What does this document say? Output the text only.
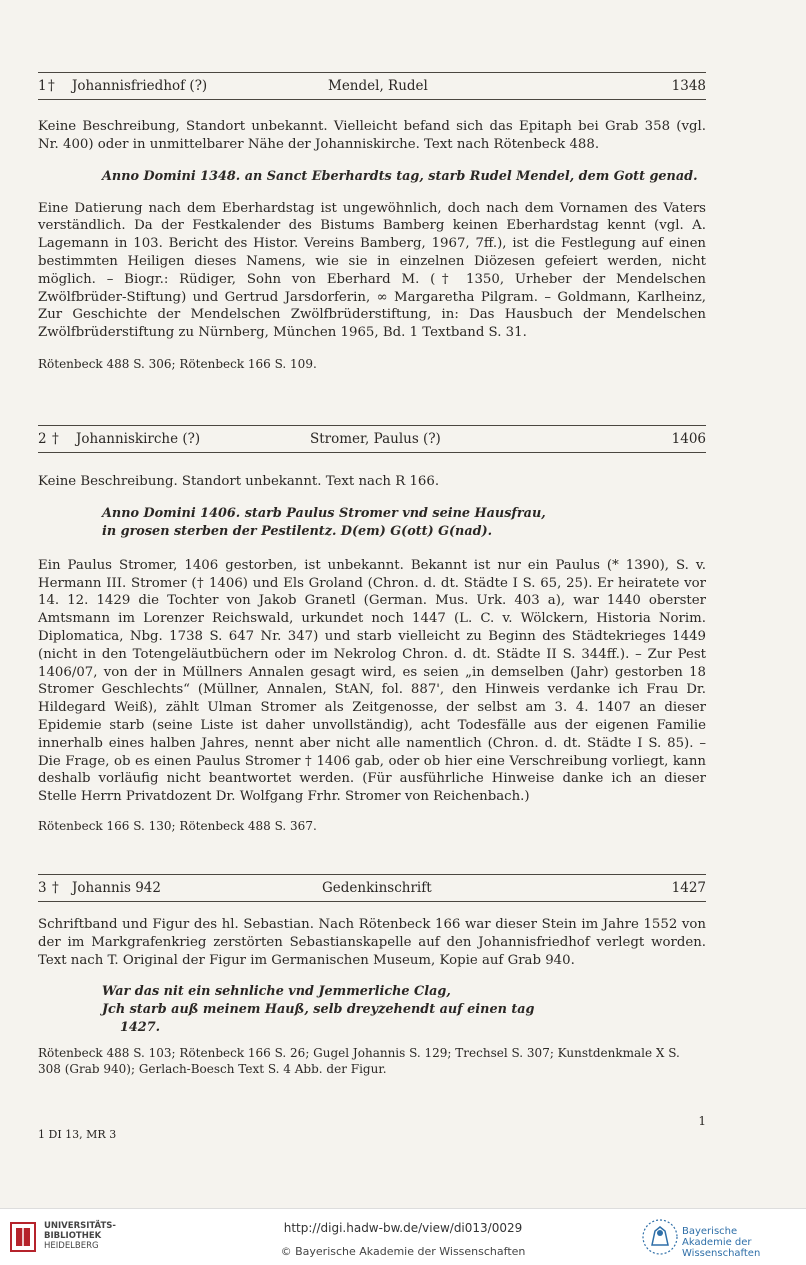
1 † Johannisfriedhof (?)	Mendel, Rudel	1348

Keine Beschreibung, Standort unbekannt. Vielleicht befand sich das Epitaph bei Grab 358 (vgl. Nr. 400) oder in unmittelbarer Nähe der Johanniskirche. Text nach Rötenbeck 488.

Anno Domini 1348. an Sanct Eberhardts tag, starb Rudel Mendel, dem Gott genad.

Eine Datierung nach dem Eberhardstag ist ungewöhnlich, doch nach dem Vornamen des Vaters verständlich. Da der Festkalender des Bistums Bamberg keinen Eberhardstag kennt (vgl. A. Lagemann in 103. Bericht des Histor. Vereins Bamberg, 1967, 7ff.), ist die Festlegung auf einen bestimmten Heiligen dieses Namens, wie sie in einzelnen Diözesen gefeiert werden, nicht möglich. – Biogr.: Rüdiger, Sohn von Eberhard M. († 1350, Urheber der Mendelschen Zwölfbrüder-Stiftung) und Gertrud Jarsdorferin, ∞ Margaretha Pilgram. – Goldmann, Karlheinz, Zur Geschichte der Mendelschen Zwölfbrüderstiftung, in: Das Hausbuch der Mendelschen Zwölfbrüderstiftung zu Nürnberg, München 1965, Bd. 1 Textband S. 31.

Rötenbeck 488 S. 306; Rötenbeck 166 S. 109.

2 † Johanniskirche (?)	Stromer, Paulus (?)	1406

Keine Beschreibung. Standort unbekannt. Text nach R 166.

Anno Domini 1406. starb Paulus Stromer vnd seine Hausfrau,

in grosen sterben der Pestilentz. D(em) G(ott) G(nad).

Ein Paulus Stromer, 1406 gestorben, ist unbekannt. Bekannt ist nur ein Paulus (* 1390), S. v. Hermann III. Stromer († 1406) und Els Groland (Chron. d. dt. Städte I S. 65, 25). Er heiratete vor 14. 12. 1429 die Tochter von Jakob Granetl (German. Mus. Urk. 403 a), war 1440 oberster Amtsmann im Lorenzer Reichswald, urkundet noch 1447 (L. C. v. Wölckern, Historia Norim. Diplomatica, Nbg. 1738 S. 647 Nr. 347) und starb vielleicht zu Beginn des Städtekrieges 1449 (nicht in den Totengeläutbüchern oder im Nekrolog Chron. d. dt. Städte II S. 344ff.). – Zur Pest 1406/07, von der in Müllners Annalen gesagt wird, es seien „in demselben (Jahr) gestorben 18 Stromer Geschlechts“ (Müllner, Annalen, StAN, fol. 887', den Hinweis verdanke ich Frau Dr. Hildegard Weiß), zählt Ulman Stromer als Zeitgenosse, der selbst am 3. 4. 1407 an dieser Epidemie starb (seine Liste ist daher unvollständig), acht Todesfälle aus der eigenen Familie innerhalb eines halben Jahres, nennt aber nicht alle namentlich (Chron. d. dt. Städte I S. 85). – Die Frage, ob es einen Paulus Stromer † 1406 gab, oder ob hier eine Verschreibung vorliegt, kann deshalb vorläufig nicht beantwortet werden. (Für ausführliche Hinweise danke ich an dieser Stelle Herrn Privatdozent Dr. Wolfgang Frhr. Stromer von Reichenbach.)

Rötenbeck 166 S. 130; Rötenbeck 488 S. 367.

3 † Johannis 942	Gedenkinschrift	1427

Schriftband und Figur des hl. Sebastian. Nach Rötenbeck 166 war dieser Stein im Jahre 1552 von der im Markgrafenkrieg zerstörten Sebastianskapelle auf den Johannisfriedhof verlegt worden. Text nach T. Original der Figur im Germanischen Museum, Kopie auf Grab 940.

War das nit ein sehnliche vnd Jemmerliche Clag,

Jch starb auß meinem Hauß, selb dreyzehendt auf einen tag

1427.

Rötenbeck 488 S. 103; Rötenbeck 166 S. 26; Gugel Johannis S. 129; Trechsel S. 307; Kunstdenkmale X S. 308 (Grab 940); Gerlach-Boesch Text S. 4 Abb. der Figur.

1
1 DI 13, MR 3
UNIVERSITÄTS-
BIBLIOTHEK
HEIDELBERG
http://digi.hadw-bw.de/view/di013/0029
© Bayerische Akademie der Wissenschaften
Bayerische
Akademie der Wissenschaften
